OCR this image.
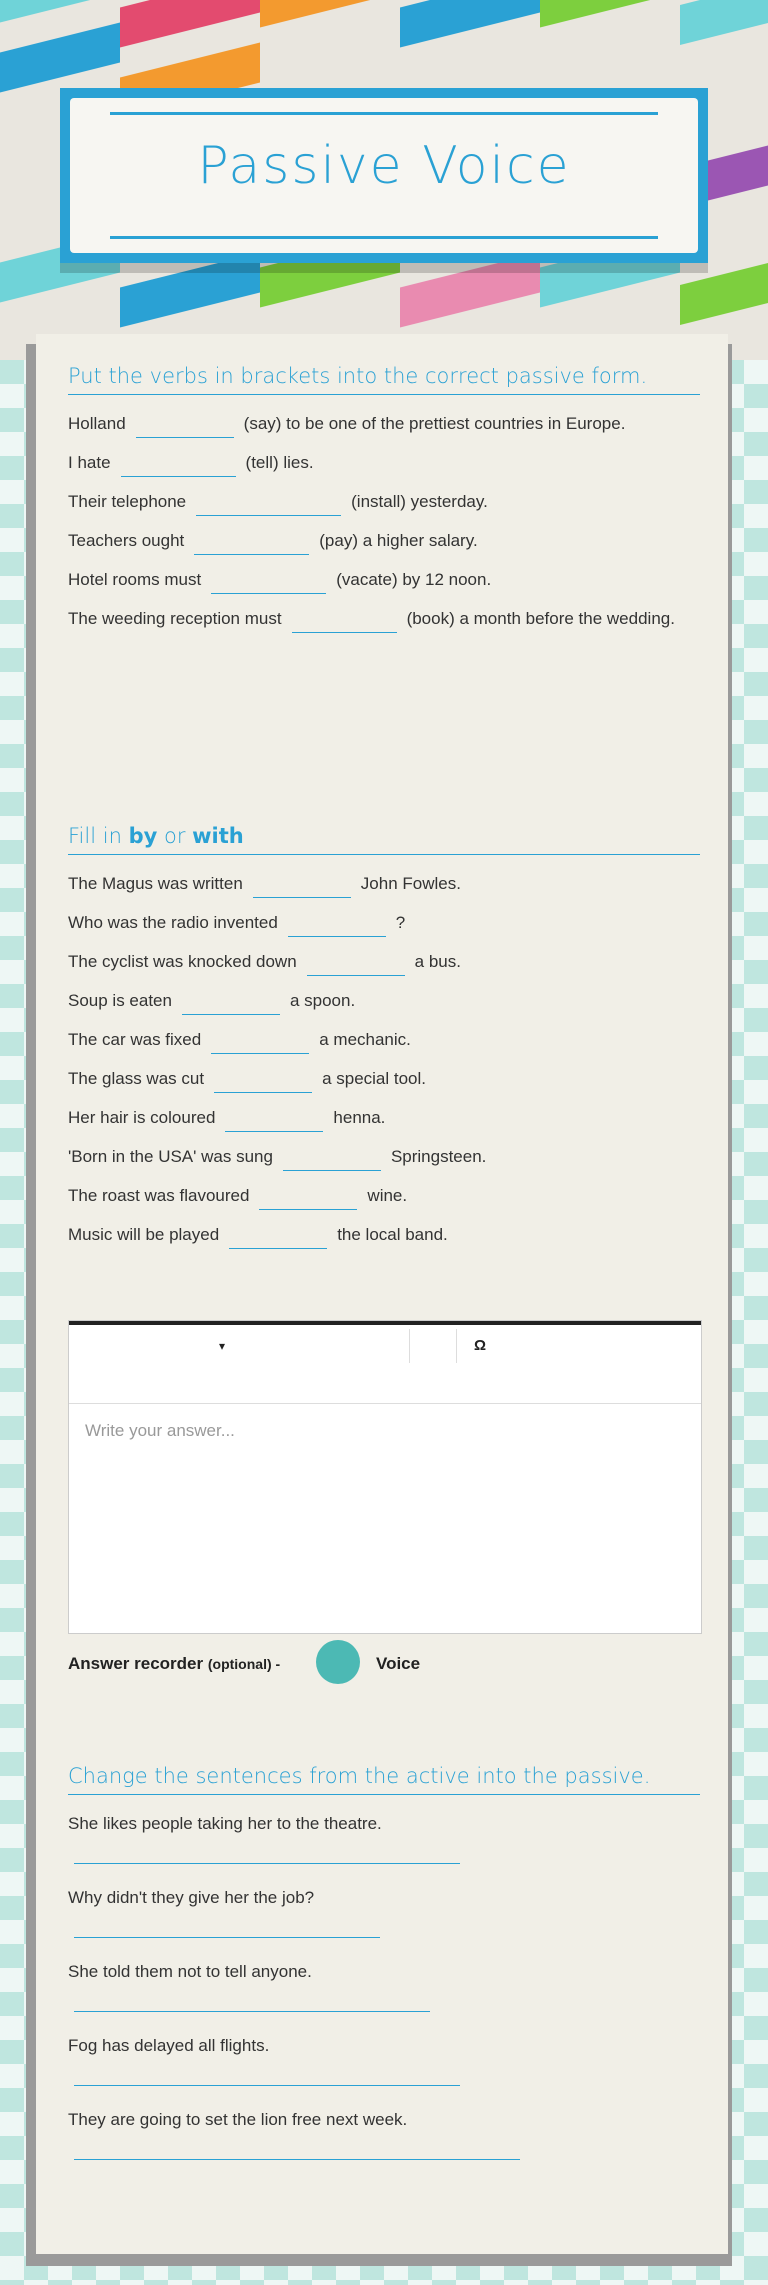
Passive Voice
Put the verbs in brackets into the correct passive form.
Holland	(say) to be one of the prettiest countries in Europe.
I hate	(tell) lies.
Their telephone	(install) yesterday.
Teachers ought	(pay) a higher salary.
Hotel rooms must	(vacate) by 12 noon.
The weeding reception must	(book) a month before the wedding.
Fill in by or with
The Magus was written	John Fowles.
Who was the radio invented	?
The cyclist was knocked down	a bus.
Soup is eaten	a spoon.
The car was fixed	a mechanic.
The glass was cut	a special tool.
Her hair is coloured	henna.
'Born in the USA' was sung	Springsteen.
The roast was flavoured	wine.
Music will be played	the local band.
▾	Ω
Write your answer...
Answer recorder (optional) -	Voice
Change the sentences from the active into the passive.
She likes people taking her to the theatre.
Why didn't they give her the job?
She told them not to tell anyone.
Fog has delayed all flights.
They are going to set the lion free next week.
